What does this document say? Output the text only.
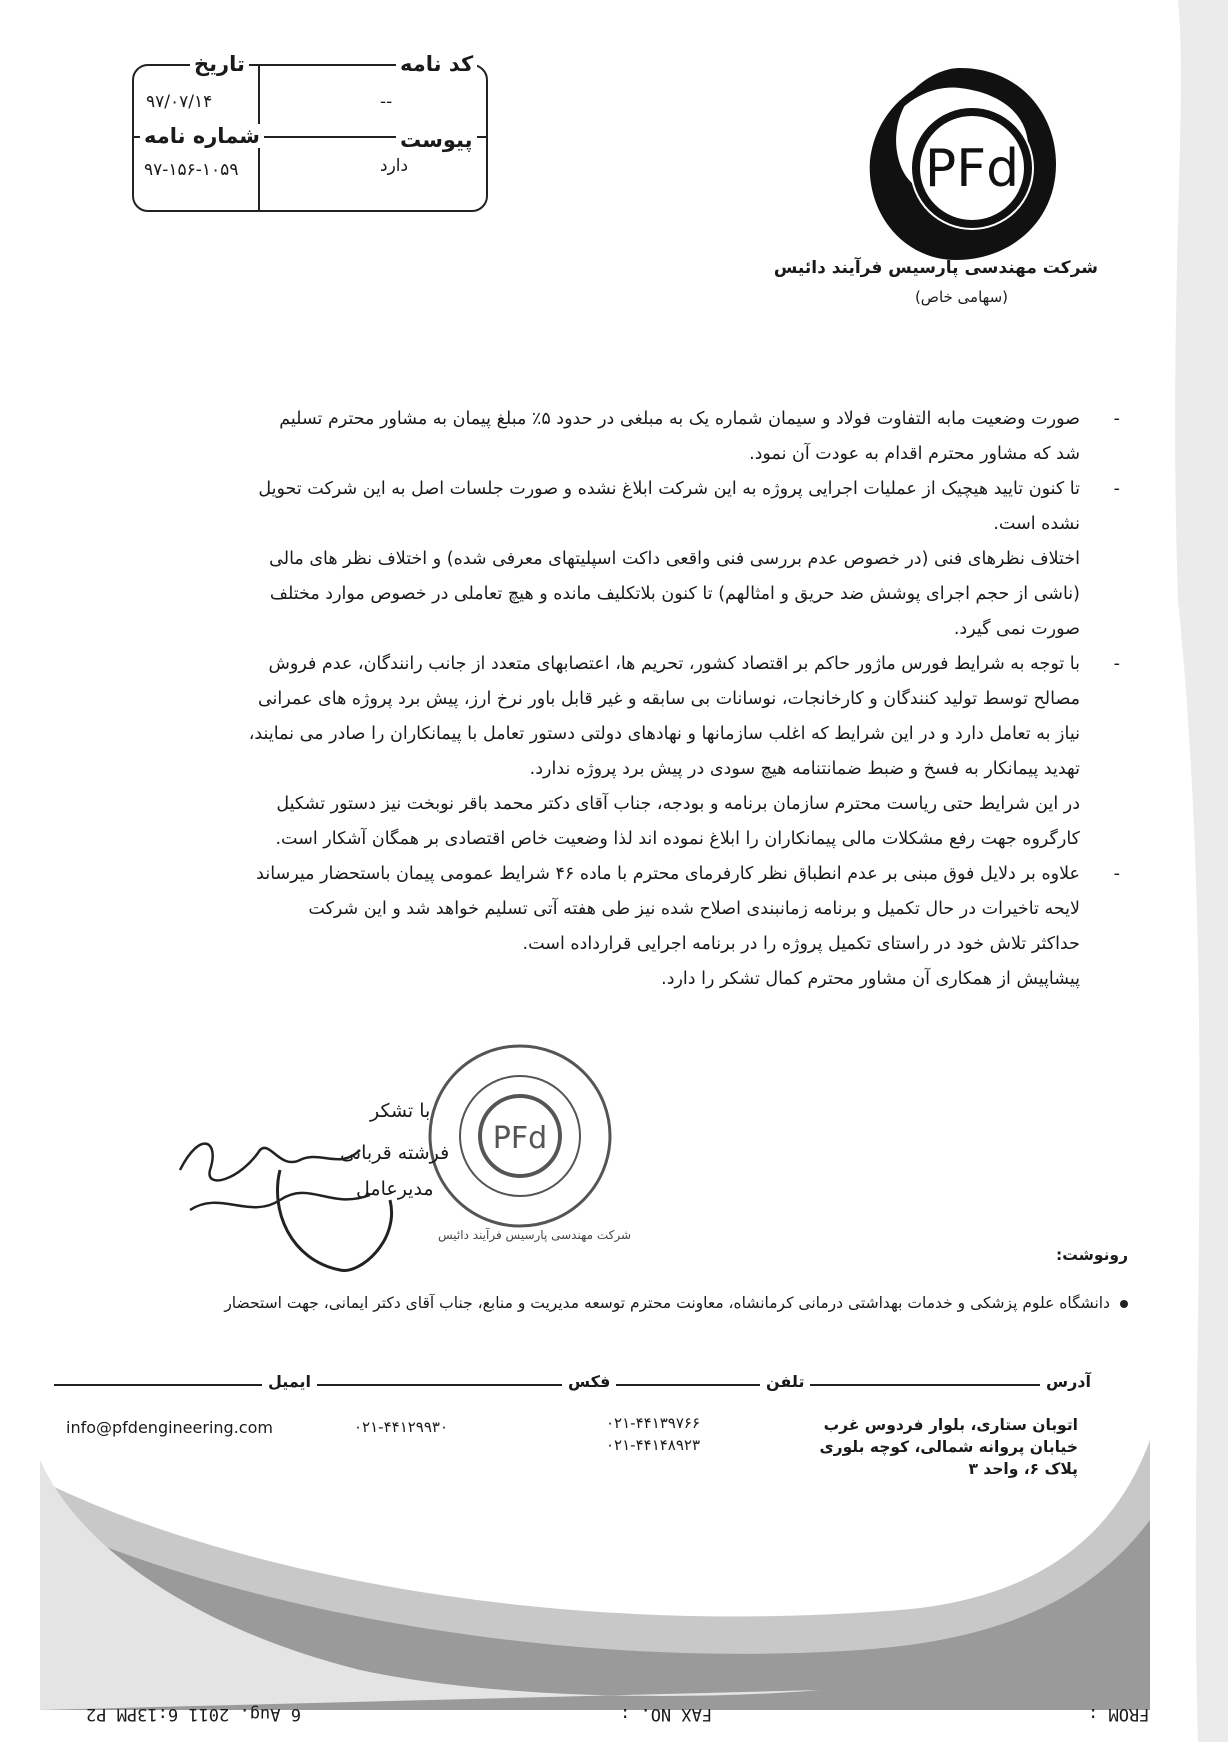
تاریخ
۹۷/۰۷/۱۴
کد نامه
--
شماره نامه
۹۷-۱۵۶-۱۰۵۹
پیوست
دارد	PFd
شرکت مهندسی پارسیس فرآیند دائیس
(سهامی خاص)

-
صورت وضعیت مابه التفاوت فولاد و سیمان شماره یک به مبلغی در حدود ۵٪ مبلغ پیمان به مشاور محترم تسلیم

شد که مشاور محترم اقدام به عودت آن نمود.

-
تا کنون تایید هیچیک از عملیات اجرایی پروژه به این شرکت ابلاغ نشده و صورت جلسات اصل به این شرکت تحویل

نشده است.

اختلاف نظرهای فنی (در خصوص عدم بررسی فنی واقعی داکت اسپلیتهای معرفی شده) و اختلاف نظر های مالی

(ناشی از حجم اجرای پوشش ضد حریق و امثالهم) تا کنون بلاتکلیف مانده و هیچ تعاملی در خصوص موارد مختلف

صورت نمی گیرد.

-
با توجه به شرایط فورس ماژور حاکم بر اقتصاد کشور، تحریم ها، اعتصابهای متعدد از جانب رانندگان، عدم فروش

مصالح توسط تولید کنندگان و کارخانجات، نوسانات بی سابقه و غیر قابل باور نرخ ارز، پیش برد پروژه های عمرانی

نیاز به تعامل دارد و در این شرایط که اغلب سازمانها و نهادهای دولتی دستور تعامل با پیمانکاران را صادر می نمایند،

تهدید پیمانکار به فسخ و ضبط ضمانتنامه هیچ سودی در پیش برد پروژه ندارد.

در این شرایط حتی ریاست محترم سازمان برنامه و بودجه، جناب آقای دکتر محمد باقر نوبخت نیز دستور تشکیل

کارگروه جهت رفع مشکلات مالی پیمانکاران را ابلاغ نموده اند لذا وضعیت خاص اقتصادی بر همگان آشکار است.

-
علاوه بر دلایل فوق مبنی بر عدم انطباق نظر کارفرمای محترم با ماده ۴۶ شرایط عمومی پیمان باستحضار میرساند

لایحه تاخیرات در حال تکمیل و برنامه زمانبندی اصلاح شده نیز طی هفته آتی تسلیم خواهد شد و این شرکت

حداکثر تلاش خود در راستای تکمیل پروژه را در برنامه اجرایی قرارداده است.

پیشاپیش از همکاری آن مشاور محترم کمال تشکر را دارد.

PFd
با تشکر
فرشته قربانی
مدیرعامل
شرکت مهندسی پارسیس فرآیند دائیس
رونوشت:
دانشگاه علوم پزشکی و خدمات بهداشتی درمانی کرمانشاه، معاونت محترم توسعه مدیریت و منابع، جناب آقای دکتر ایمانی، جهت استحضار
آدرس
تلفن
فکس
ایمیل
اتوبان ستاری، بلوار فردوس غرب
خیابان پروانه شمالی، کوچه بلوری
پلاک ۶، واحد ۳
۰۲۱-۴۴۱۳۹۷۶۶
۰۲۱-۴۴۱۴۸۹۲۳
۰۲۱-۴۴۱۲۹۹۳۰
info@pfdengineering.com
FROM :
FAX NO. :
6 Aug. 2011 6:13PM P2
